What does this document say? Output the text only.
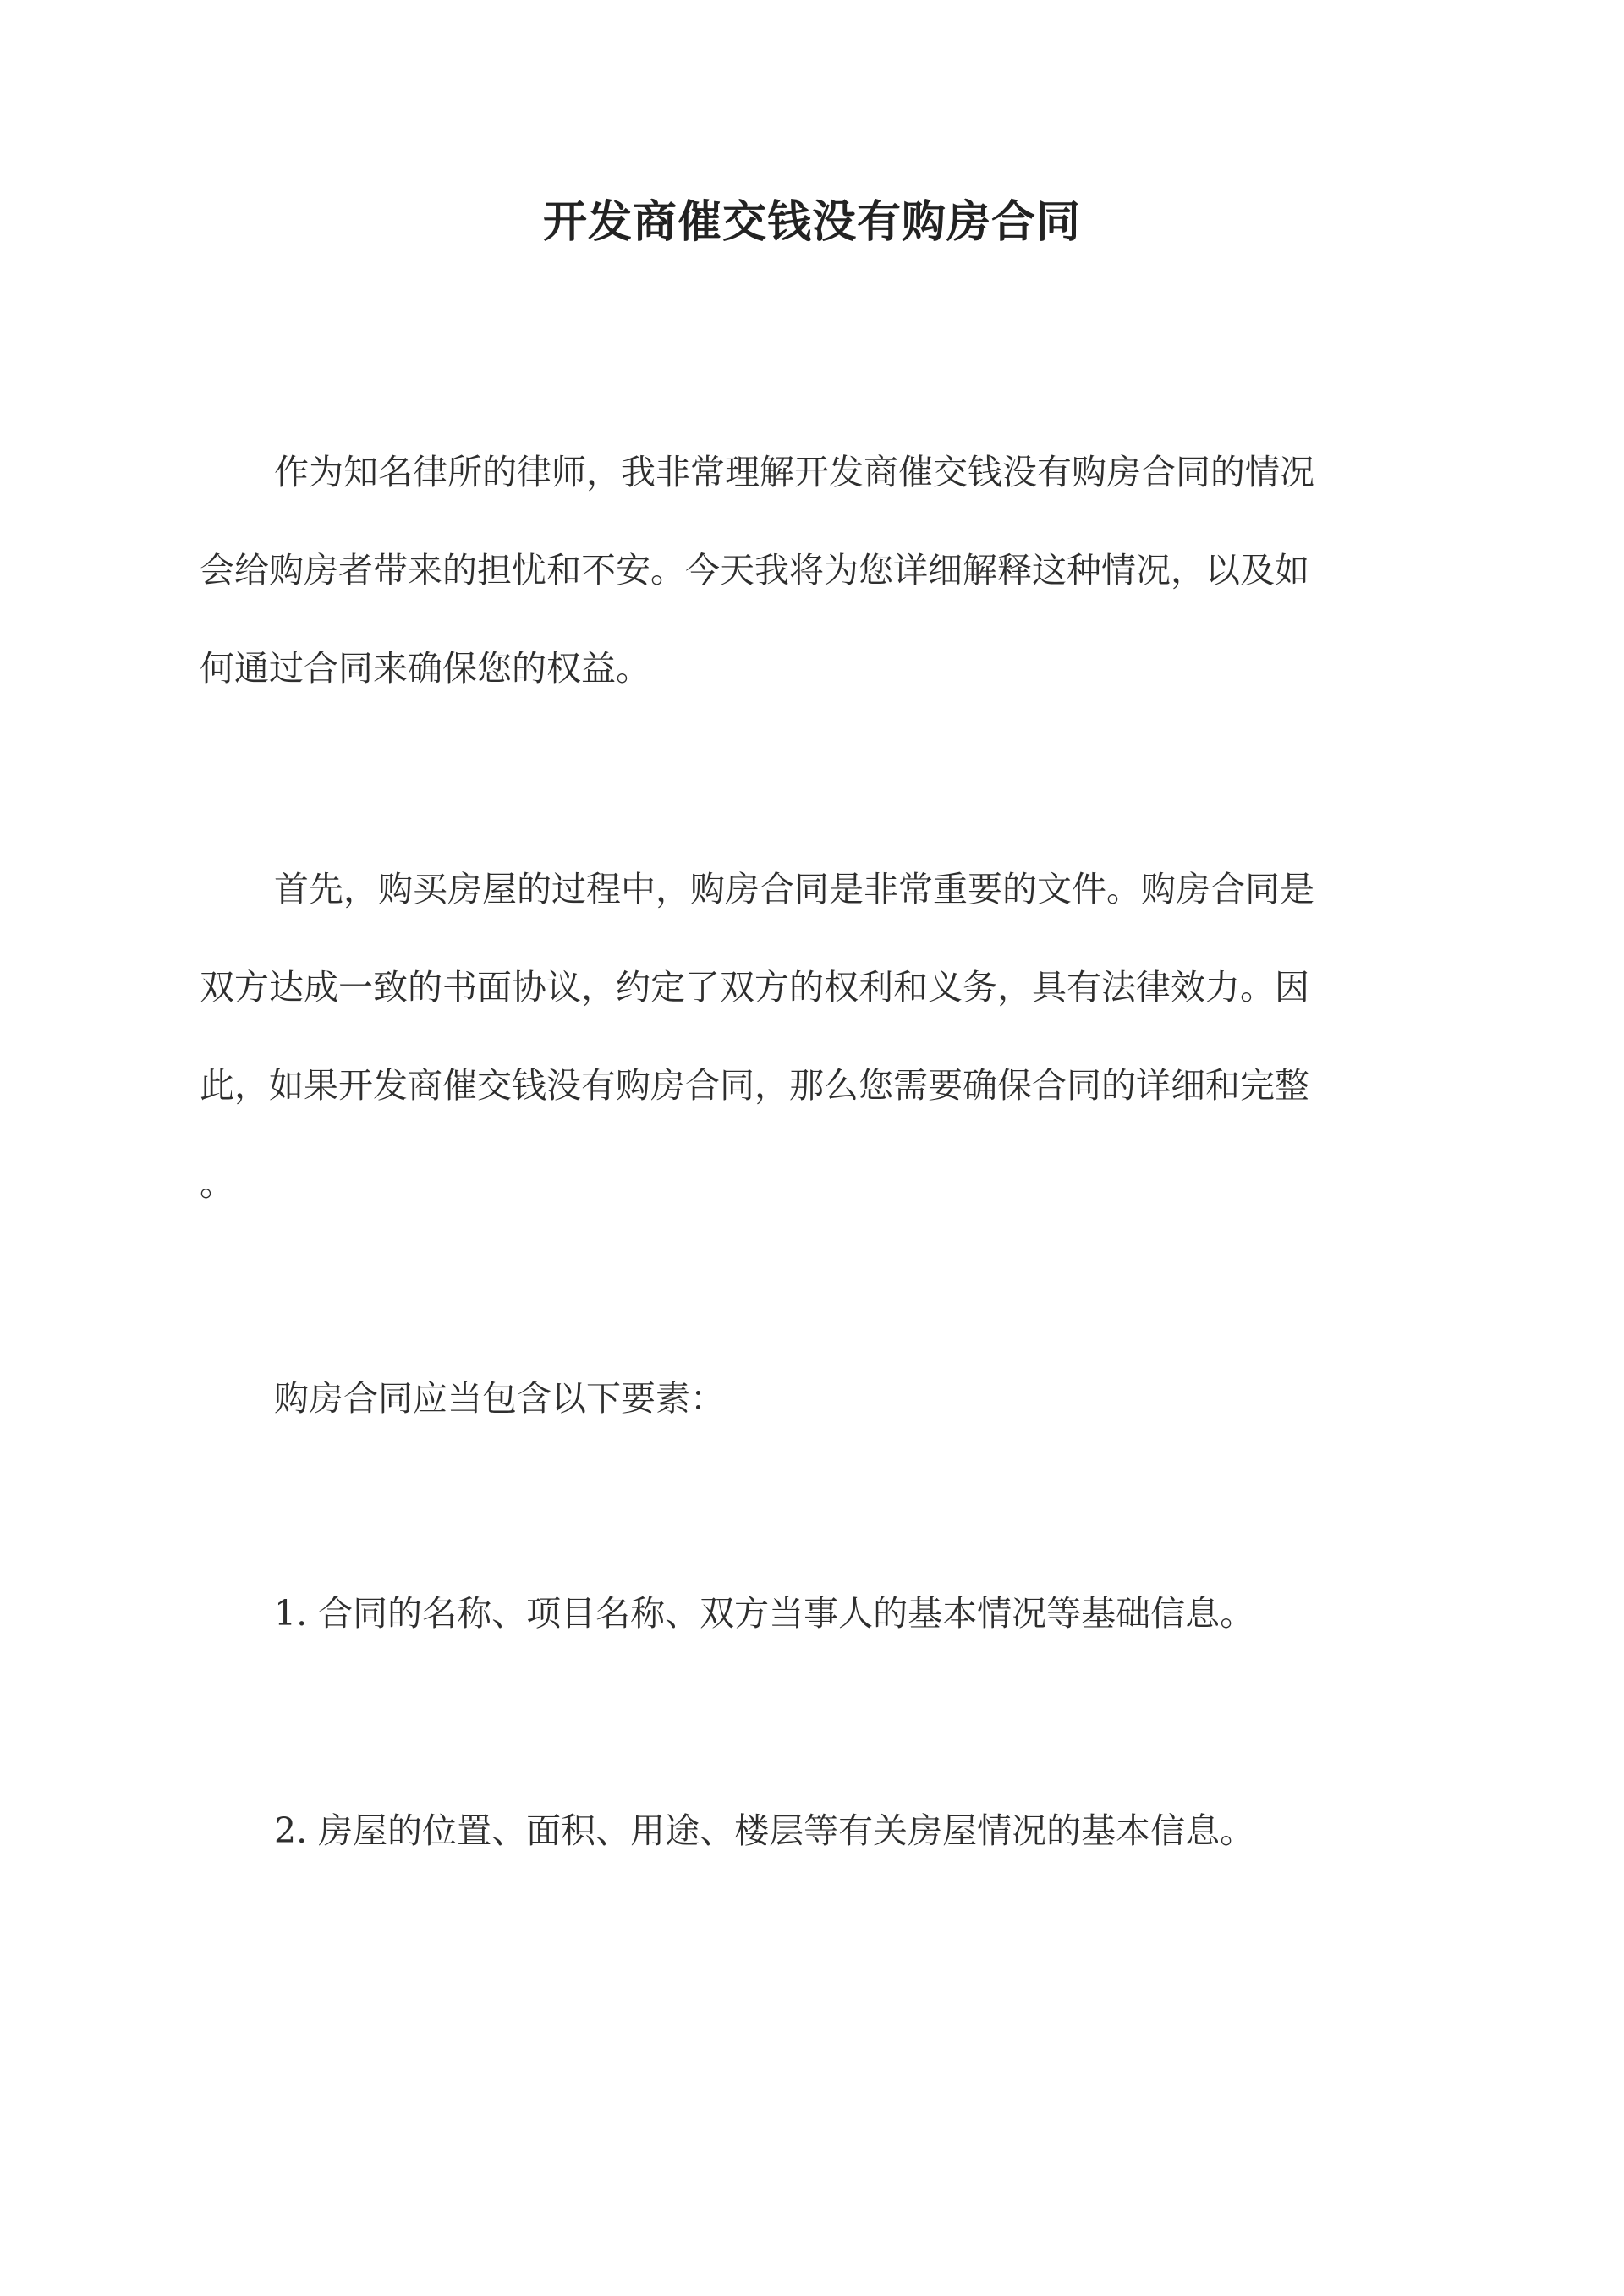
开发商催交钱没有购房合同
作为知名律所的律师，我非常理解开发商催交钱没有购房合同的情况
会给购房者带来的担忧和不安。今天我将为您详细解释这种情况，以及如
何通过合同来确保您的权益。
首先，购买房屋的过程中，购房合同是非常重要的文件。购房合同是
双方达成一致的书面协议，约定了双方的权利和义务，具有法律效力。因
此，如果开发商催交钱没有购房合同，那么您需要确保合同的详细和完整
。
购房合同应当包含以下要素：
1. 合同的名称、项目名称、双方当事人的基本情况等基础信息。
2. 房屋的位置、面积、用途、楼层等有关房屋情况的基本信息。
